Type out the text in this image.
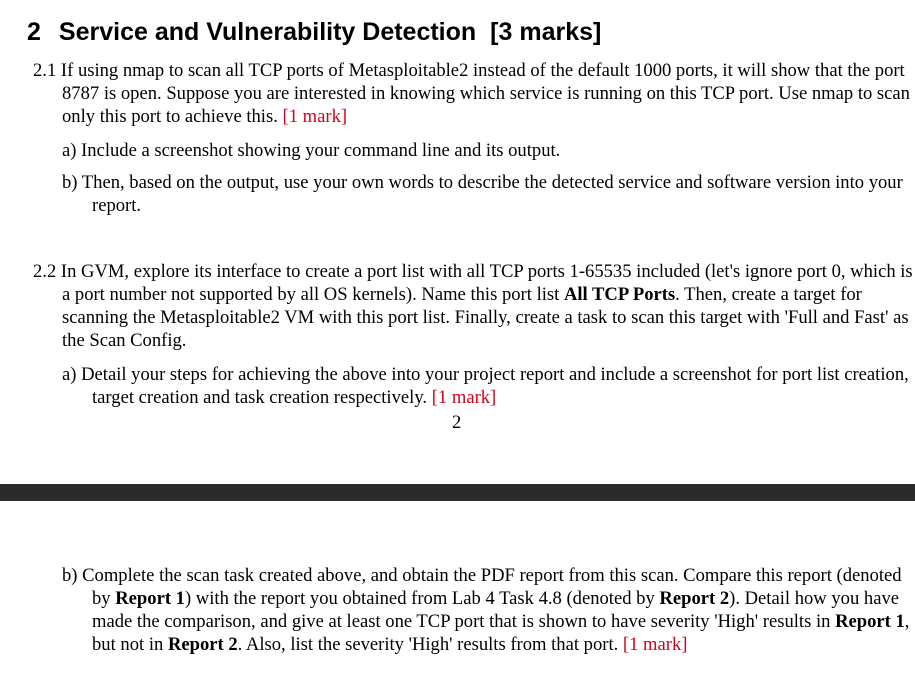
2 Service and Vulnerability Detection [3 marks]
2.1 If using nmap to scan all TCP ports of Metasploitable2 instead of the default 1000 ports, it will show that the port 8787 is open. Suppose you are interested in knowing which service is running on this TCP port. Use nmap to scan only this port to achieve this. [1 mark]
a) Include a screenshot showing your command line and its output.
b) Then, based on the output, use your own words to describe the detected service and software version into your report.
2.2 In GVM, explore its interface to create a port list with all TCP ports 1-65535 included (let's ignore port 0, which is a port number not supported by all OS kernels). Name this port list All TCP Ports. Then, create a target for scanning the Metasploitable2 VM with this port list. Finally, create a task to scan this target with 'Full and Fast' as the Scan Config.
a) Detail your steps for achieving the above into your project report and include a screenshot for port list creation, target creation and task creation respectively. [1 mark]
2
b) Complete the scan task created above, and obtain the PDF report from this scan. Compare this report (denoted by Report 1) with the report you obtained from Lab 4 Task 4.8 (denoted by Report 2). Detail how you have made the comparison, and give at least one TCP port that is shown to have severity 'High' results in Report 1, but not in Report 2. Also, list the severity 'High' results from that port. [1 mark]
